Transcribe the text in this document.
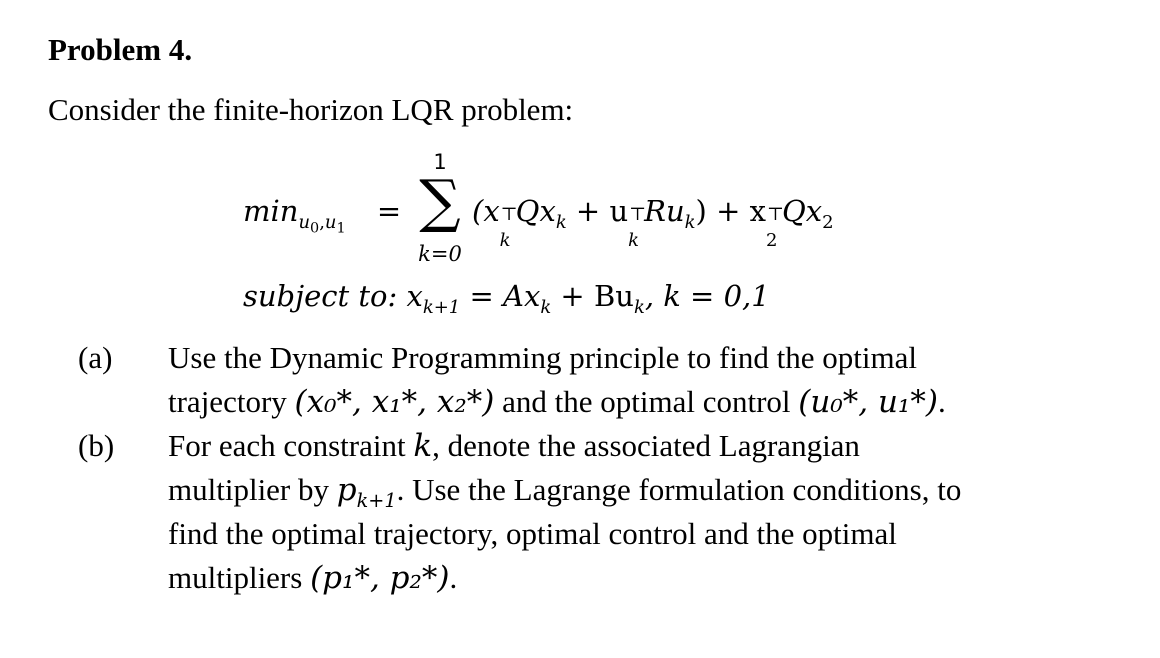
Problem 4.
Consider the finite-horizon LQR problem:
$\min_{u_0,u_1}$ =
1
∑
k=0
(x ⊤
k
$Qx_k + u$ ⊤
k
$Ru_k) + x$ ⊤
2
$Qx_2$
subject to: $x_{k+1} = Ax_k + Bu_k$, k = 0,1
(a)	Use the Dynamic Programming principle to find the optimal
trajectory (x₀*, x₁*, x₂*) and the optimal control (u₀*, u₁*).
(b)	For each constraint k, denote the associated Lagrangian
multiplier by $p_{k+1}$. Use the Lagrange formulation conditions, to
find the optimal trajectory, optimal control and the optimal
multipliers (p₁*, p₂*).
